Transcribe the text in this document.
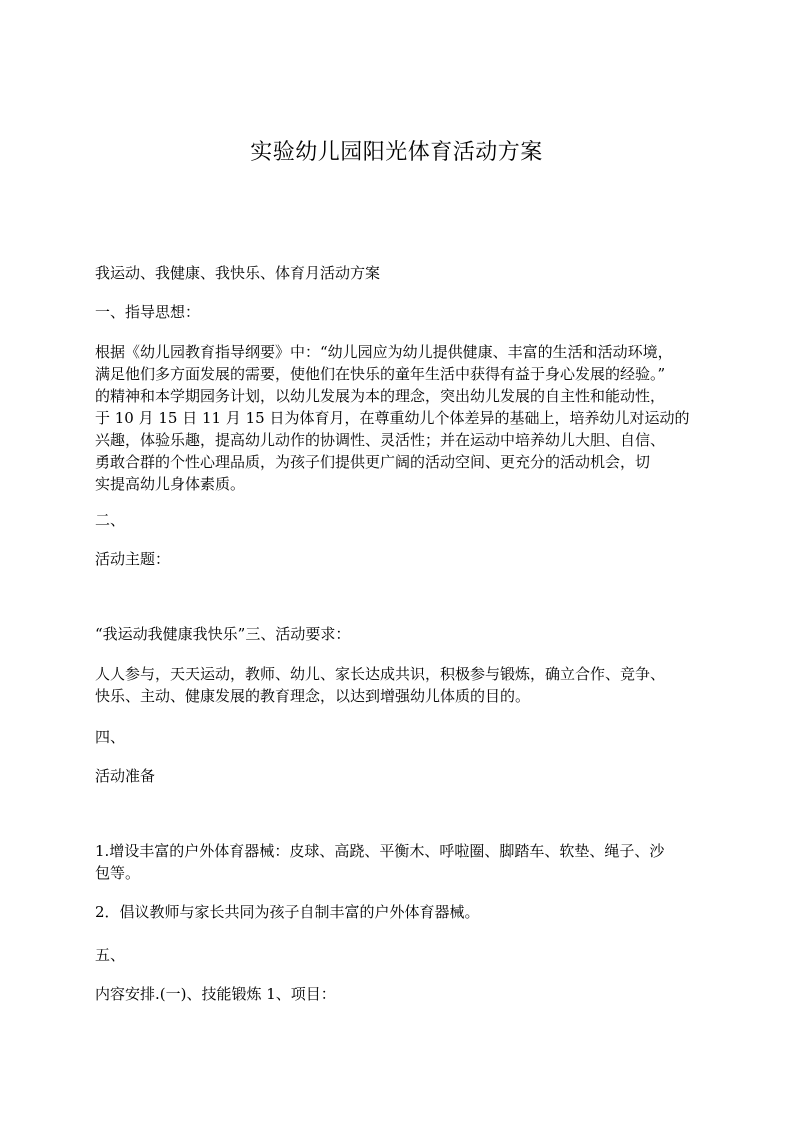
实验幼儿园阳光体育活动方案
我运动、我健康、我快乐、体育月活动方案
一、指导思想：
根据《幼儿园教育指导纲要》中：“幼儿园应为幼儿提供健康、丰富的生活和活动环境，
满足他们多方面发展的需要，使他们在快乐的童年生活中获得有益于身心发展的经验。”
的精神和本学期园务计划，以幼儿发展为本的理念，突出幼儿发展的自主性和能动性，
于 10 月 15 日 11 月 15 日为体育月，在尊重幼儿个体差异的基础上，培养幼儿对运动的
兴趣，体验乐趣，提高幼儿动作的协调性、灵活性；并在运动中培养幼儿大胆、自信、
勇敢合群的个性心理品质，为孩子们提供更广阔的活动空间、更充分的活动机会，切
实提高幼儿身体素质。
二、
活动主题：
“我运动我健康我快乐”三、活动要求：
人人参与，天天运动，教师、幼儿、家长达成共识，积极参与锻炼，确立合作、竞争、
快乐、主动、健康发展的教育理念，以达到增强幼儿体质的目的。
四、
活动准备
1.增设丰富的户外体育器械：皮球、高跷、平衡木、呼啦圈、脚踏车、软垫、绳子、沙
包等。
2．倡议教师与家长共同为孩子自制丰富的户外体育器械。
五、
内容安排.(一)、技能锻炼 1、项目：
